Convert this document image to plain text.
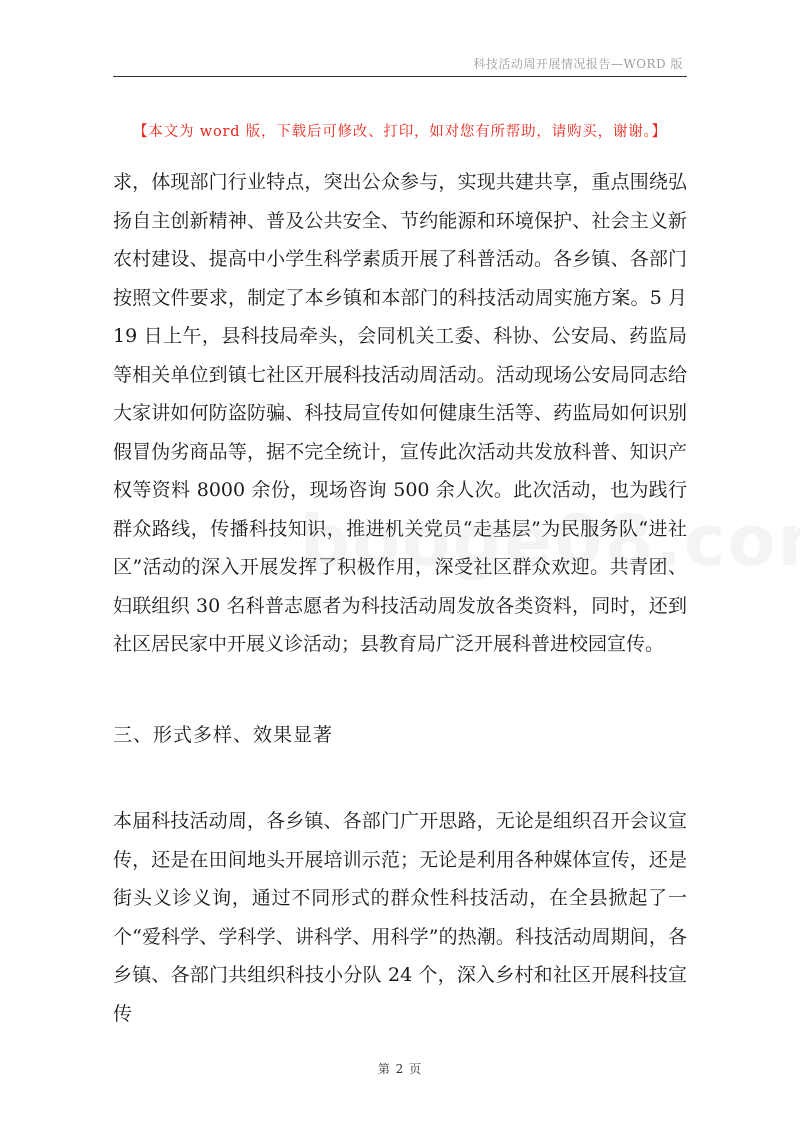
科技活动周开展情况报告—WORD 版
【本文为 word 版，下载后可修改、打印，如对您有所帮助，请购买，谢谢。】

求，体现部门行业特点，突出公众参与，实现共建共享，重点围绕弘扬自主创新精神、普及公共安全、节约能源和环境保护、社会主义新农村建设、提高中小学生科学素质开展了科普活动。各乡镇、各部门按照文件要求，制定了本乡镇和本部门的科技活动周实施方案。5 月 19 日上午，县科技局牵头，会同机关工委、科协、公安局、药监局等相关单位到镇七社区开展科技活动周活动。活动现场公安局同志给大家讲如何防盗防骗、科技局宣传如何健康生活等、药监局如何识别假冒伪劣商品等，据不完全统计，宣传此次活动共发放科普、知识产权等资料 8000 余份，现场咨询 500 余人次。此次活动，也为践行群众路线，传播科技知识，推进机关党员“走基层”为民服务队“进社区”活动的深入开展发挥了积极作用，深受社区群众欢迎。共青团、妇联组织 30 名科普志愿者为科技活动周发放各类资料，同时，还到社区居民家中开展义诊活动；县教育局广泛开展科普进校园宣传。

三、形式多样、效果显著

本届科技活动周，各乡镇、各部门广开思路，无论是组织召开会议宣传，还是在田间地头开展培训示范；无论是利用各种媒体宣传，还是街头义诊义询，通过不同形式的群众性科技活动，在全县掀起了一个“爱科学、学科学、讲科学、用科学”的热潮。科技活动周期间，各乡镇、各部门共组织科技小分队 24 个，深入乡村和社区开展科技宣传

第 2 页
